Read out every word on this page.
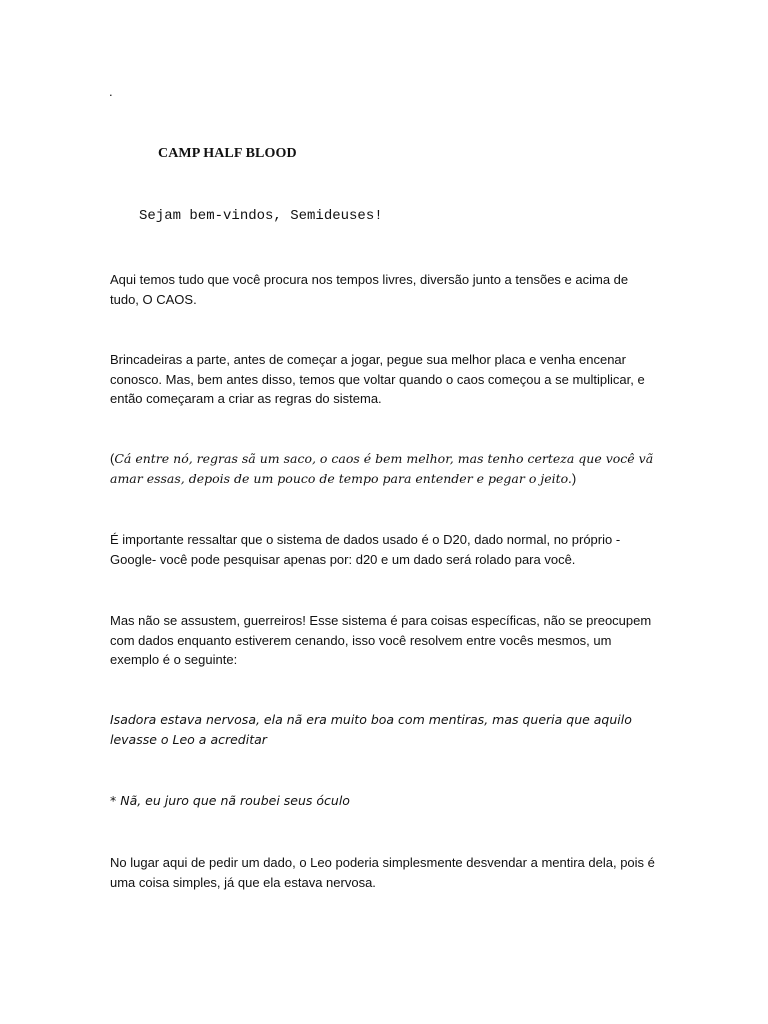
.
CAMP HALF BLOOD
Sejam bem-vindos, Semideuses!

Aqui temos tudo que você procura nos tempos livres, diversão junto a tensões e acima de tudo, O CAOS.

Brincadeiras a parte, antes de começar a jogar, pegue sua melhor placa e venha encenar conosco. Mas, bem antes disso, temos que voltar quando o caos começou a se multiplicar, e então começaram a criar as regras do sistema.

(Cá entre nó, regras sã um saco, o caos é bem melhor, mas tenho certeza que você vã amar essas, depois de um pouco de tempo para entender e pegar o jeito.)

É importante ressaltar que o sistema de dados usado é o D20, dado normal, no próprio -Google- você pode pesquisar apenas por: d20 e um dado será rolado para você.

Mas não se assustem, guerreiros! Esse sistema é para coisas específicas, não se preocupem com dados enquanto estiverem cenando, isso você resolvem entre vocês mesmos, um exemplo é o seguinte:

Isadora estava nervosa, ela nã era muito boa com mentiras, mas queria que aquilo levasse o Leo a acreditar

* Nã, eu juro que nã roubei seus óculo

No lugar aqui de pedir um dado, o Leo poderia simplesmente desvendar a mentira dela, pois é uma coisa simples, já que ela estava nervosa.
